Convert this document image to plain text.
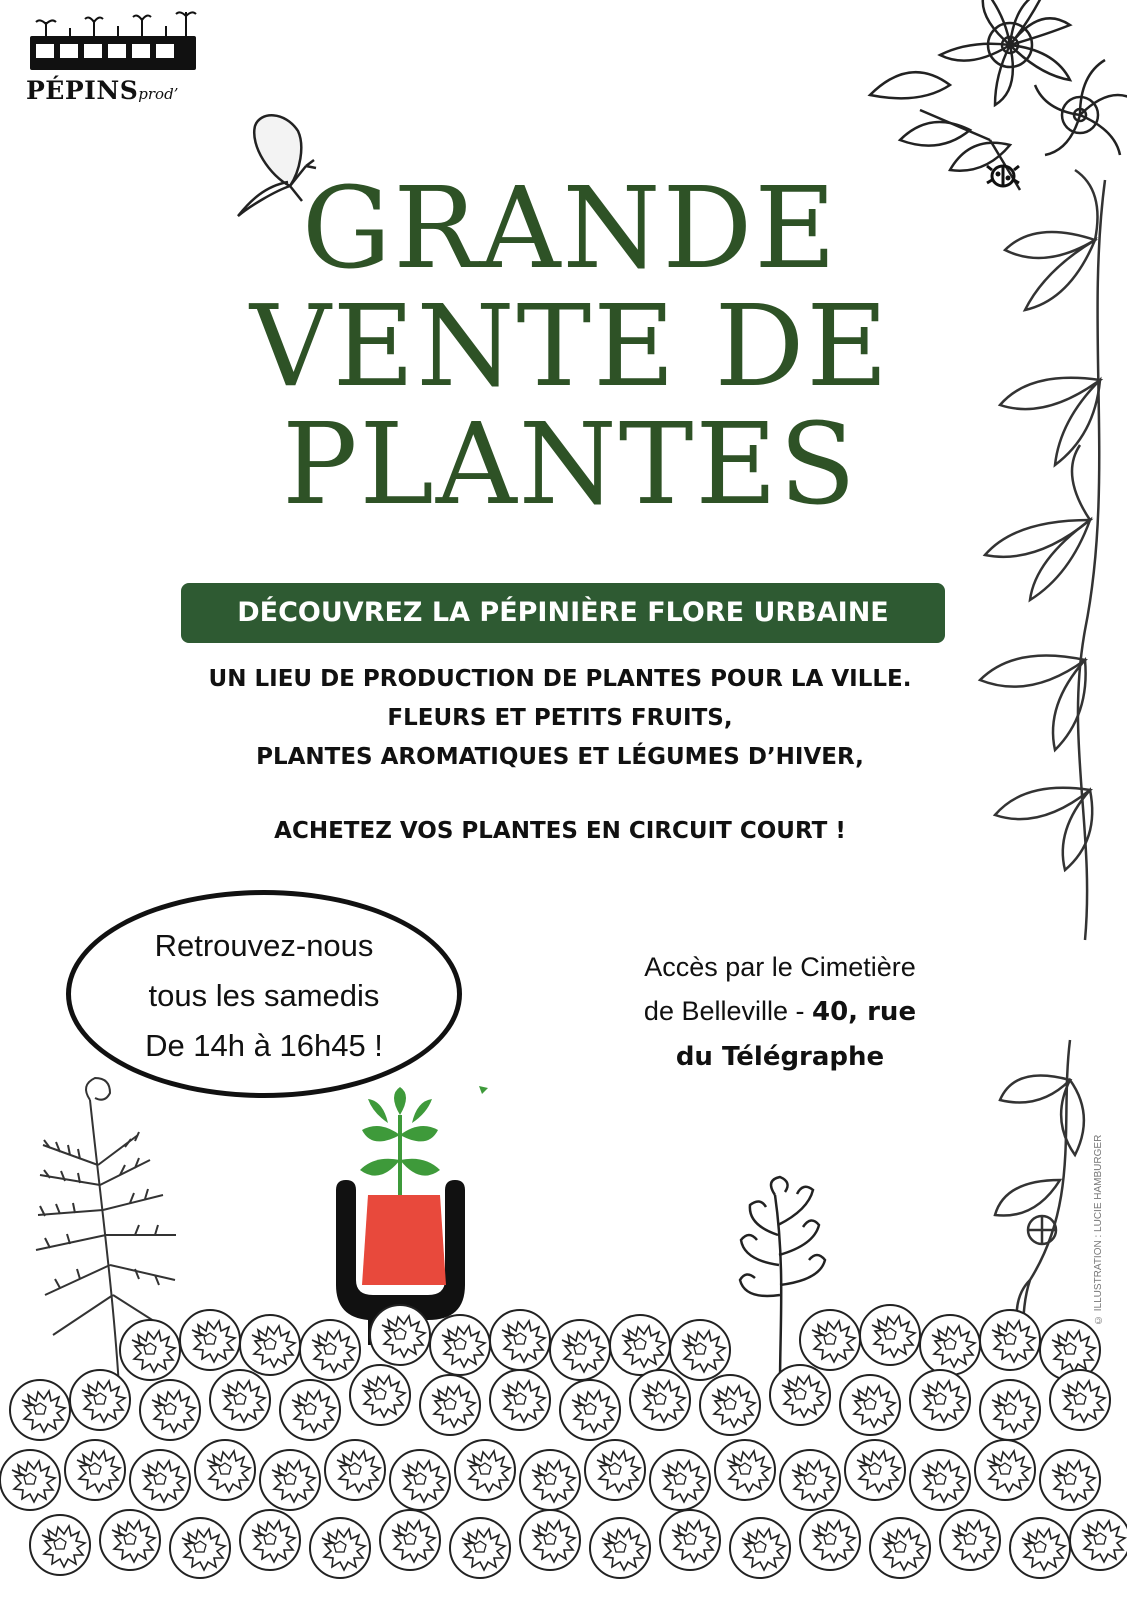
PÉPINSprod’
GRANDE
VENTE DE
PLANTES
DÉCOUVREZ LA PÉPINIÈRE FLORE URBAINE
UN LIEU DE PRODUCTION DE PLANTES POUR LA VILLE.
FLEURS ET PETITS FRUITS,
PLANTES AROMATIQUES ET LÉGUMES D’HIVER,
ACHETEZ VOS PLANTES EN CIRCUIT COURT !
Retrouvez-nous
tous les samedis
De 14h à 16h45 !
Accès par le Cimetière
de Belleville - 40, rue
du Télégraphe
© ILLUSTRATION : LUCIE HAMBURGER
